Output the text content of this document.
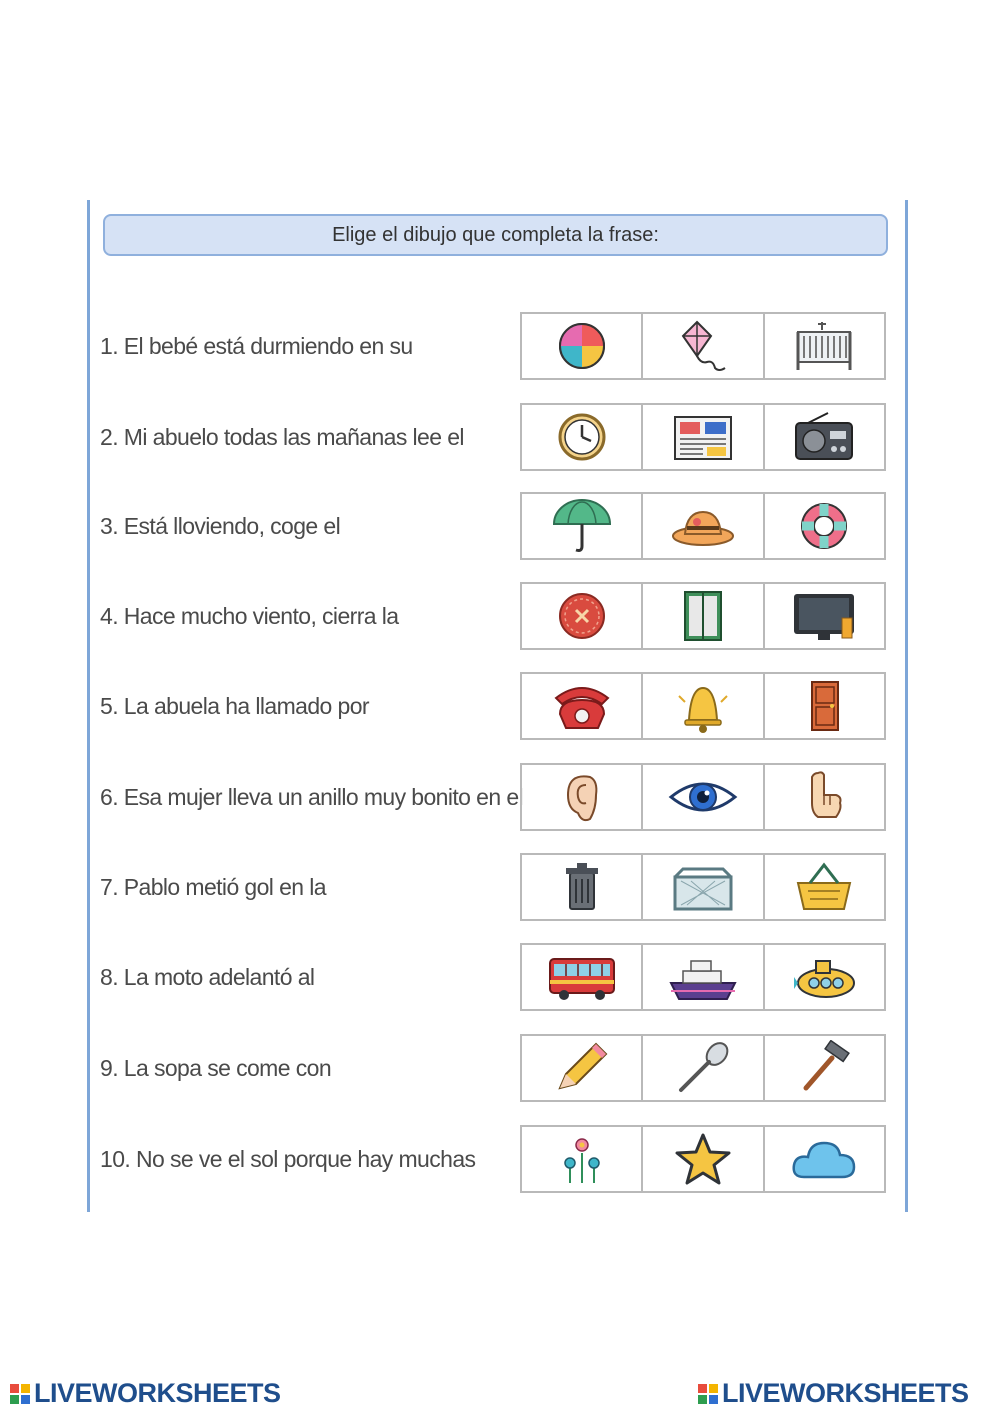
Elige el dibujo que completa la frase:
1. El bebé está durmiendo en su
2. Mi abuelo todas las mañanas lee el
3. Está lloviendo, coge el
4. Hace mucho viento, cierra la
5. La abuela ha llamado por
6. Esa mujer lleva un anillo muy bonito en el
7. Pablo metió gol en la
8. La moto adelantó al
9. La sopa se come con
10. No se ve el sol porque hay muchas
LIVEWORKSHEETS	LIVEWORKSHEETS
